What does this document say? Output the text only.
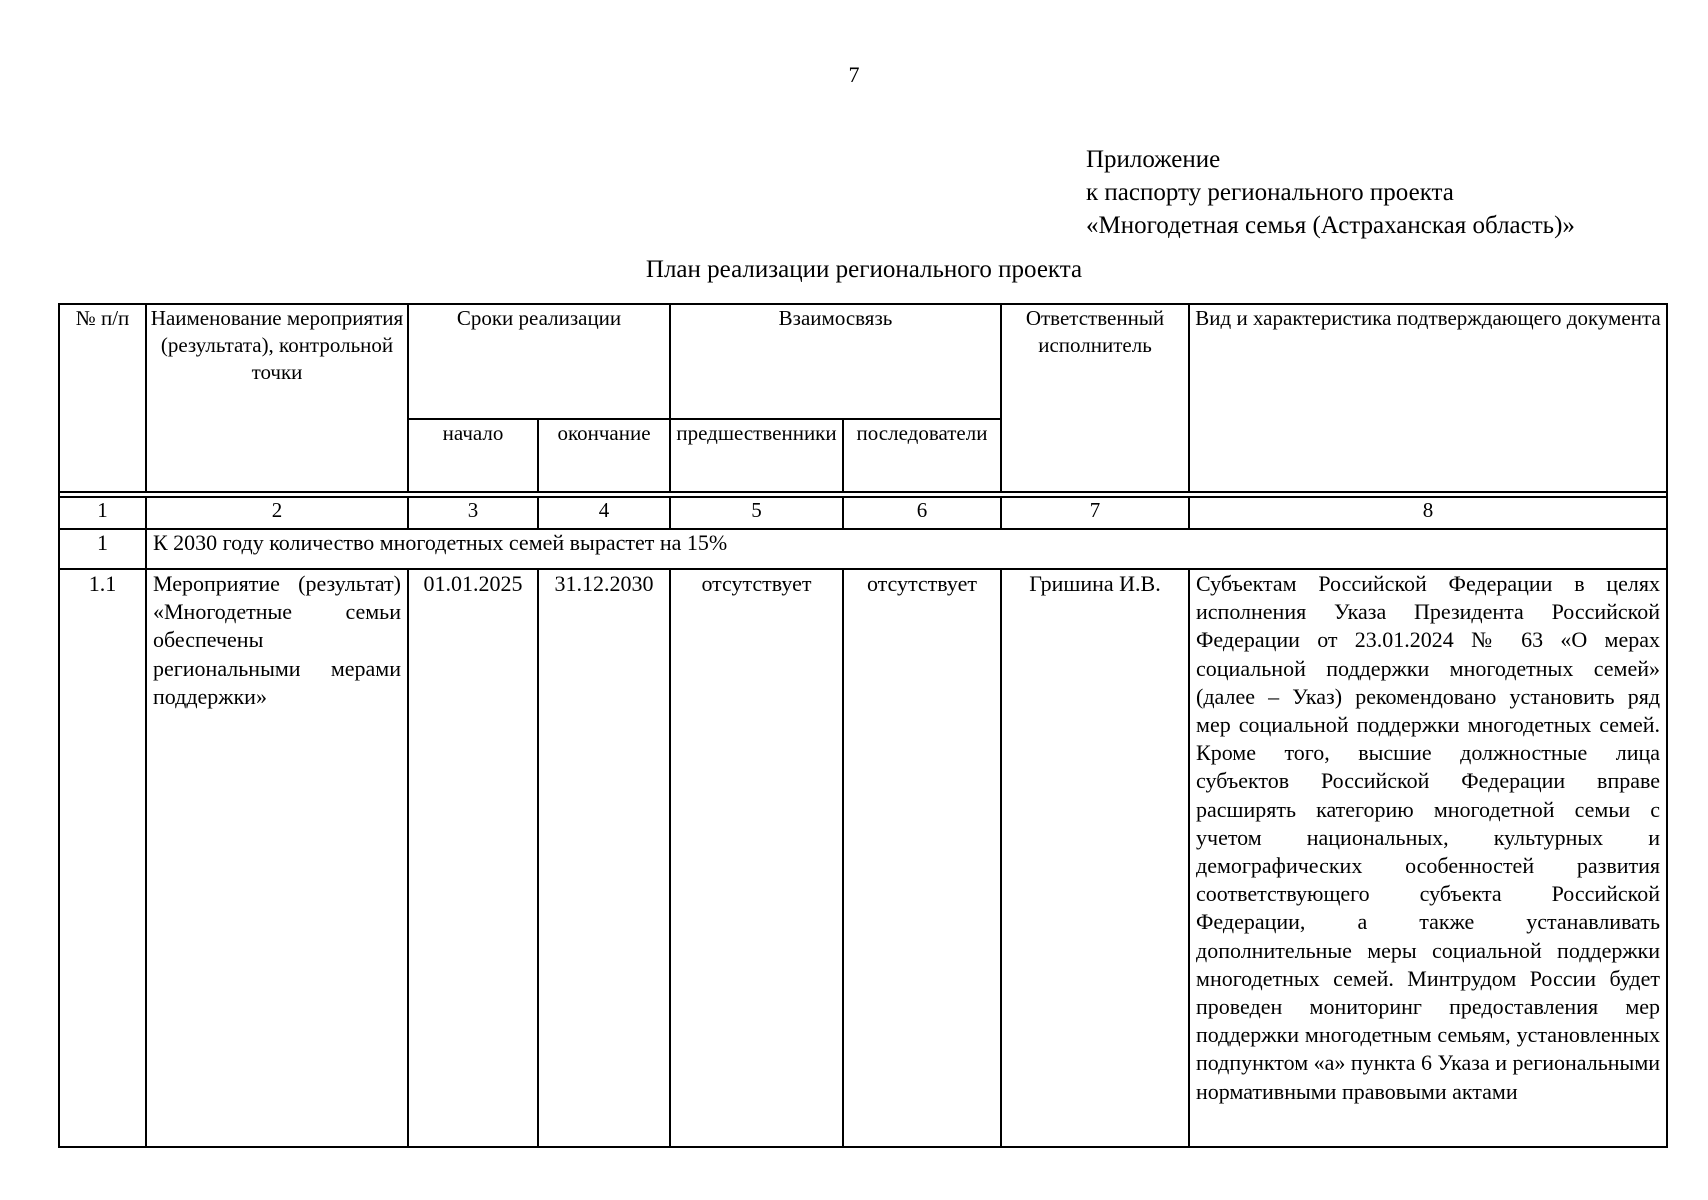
7
Приложение
к паспорту регионального проекта
«Многодетная семья (Астраханская область)»
План реализации регионального проекта
№ п/п	Наименование мероприятия (результата), контрольной точки	Сроки реализации		Взаимосвязь		Ответственный исполнитель	Вид и характеристика подтверждающего документа
		начало	окончание	предшественники	последователи		

1	2	3	4	5	6	7	8
1	К 2030 году количество многодетных семей вырастет на 15%						
1.1	Мероприятие (результат) «Многодетные семьи обеспечены региональными мерами поддержки»	01.01.2025	31.12.2030	отсутствует	отсутствует	Гришина И.В.	Субъектам Российской Федерации в целях исполнения Указа Президента Российской Федерации от 23.01.2024 № 63 «О мерах социальной поддержки многодетных семей» (далее – Указ) рекомендовано установить ряд мер социальной поддержки многодетных семей. Кроме того, высшие должностные лица субъектов Российской Федерации вправе расширять категорию многодетной семьи с учетом национальных, культурных и демографических особенностей развития соответствующего субъекта Российской Федерации, а также устанавливать дополнительные меры социальной поддержки многодетных семей. Минтрудом России будет проведен мониторинг предоставления мер поддержки многодетным семьям, установленных подпунктом «а» пункта 6 Указа и региональными нормативными правовыми актами
